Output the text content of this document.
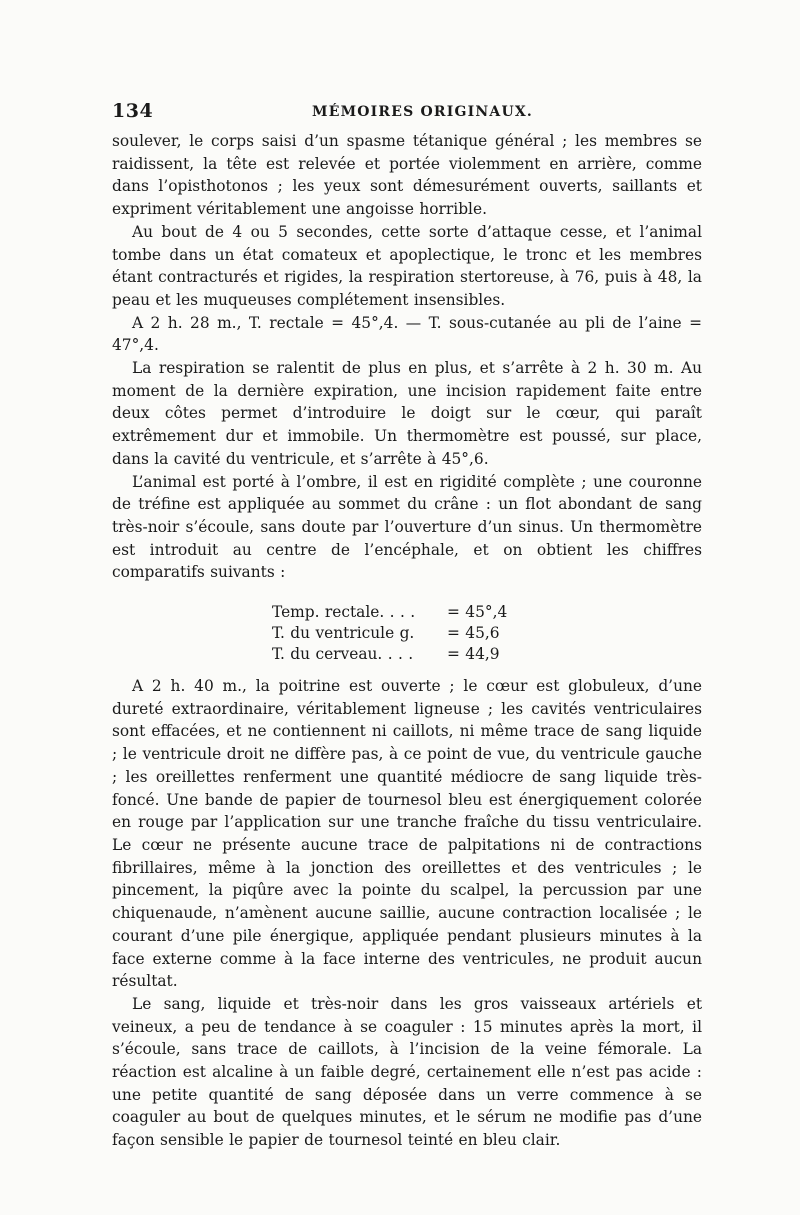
134	MÉMOIRES ORIGINAUX.

soulever, le corps saisi d’un spasme tétanique général ; les membres se raidissent, la tête est relevée et portée violemment en arrière, comme dans l’opisthotonos ; les yeux sont démesurément ouverts, saillants et expriment véritablement une angoisse horrible.

Au bout de 4 ou 5 secondes, cette sorte d’attaque cesse, et l’animal tombe dans un état comateux et apoplectique, le tronc et les membres étant contracturés et rigides, la respiration stertoreuse, à 76, puis à 48, la peau et les muqueuses complétement insensibles.

A 2 h. 28 m., T. rectale = 45°,4. — T. sous-cutanée au pli de l’aine = 47°,4.

La respiration se ralentit de plus en plus, et s’arrête à 2 h. 30 m. Au moment de la dernière expiration, une incision rapidement faite entre deux côtes permet d’introduire le doigt sur le cœur, qui paraît extrêmement dur et immobile. Un thermomètre est poussé, sur place, dans la cavité du ventricule, et s’arrête à 45°,6.

L’animal est porté à l’ombre, il est en rigidité complète ; une couronne de tréfine est appliquée au sommet du crâne : un flot abondant de sang très-noir s’écoule, sans doute par l’ouverture d’un sinus. Un thermomètre est introduit au centre de l’encéphale, et on obtient les chiffres comparatifs suivants :

Temp. rectale. . . .	= 45°,4
T. du ventricule g.	= 45,6
T. du cerveau. . . .	= 44,9

A 2 h. 40 m., la poitrine est ouverte ; le cœur est globuleux, d’une dureté extraordinaire, véritablement ligneuse ; les cavités ventriculaires sont effacées, et ne contiennent ni caillots, ni même trace de sang liquide ; le ventricule droit ne diffère pas, à ce point de vue, du ventricule gauche ; les oreillettes renferment une quantité médiocre de sang liquide très-foncé. Une bande de papier de tournesol bleu est énergiquement colorée en rouge par l’application sur une tranche fraîche du tissu ventriculaire. Le cœur ne présente aucune trace de palpitations ni de contractions fibrillaires, même à la jonction des oreillettes et des ventricules ; le pincement, la piqûre avec la pointe du scalpel, la percussion par une chiquenaude, n’amènent aucune saillie, aucune contraction localisée ; le courant d’une pile énergique, appliquée pendant plusieurs minutes à la face externe comme à la face interne des ventricules, ne produit aucun résultat.

Le sang, liquide et très-noir dans les gros vaisseaux artériels et veineux, a peu de tendance à se coaguler : 15 minutes après la mort, il s’écoule, sans trace de caillots, à l’incision de la veine fémorale. La réaction est alcaline à un faible degré, certainement elle n’est pas acide : une petite quantité de sang déposée dans un verre commence à se coaguler au bout de quelques minutes, et le sérum ne modifie pas d’une façon sensible le papier de tournesol teinté en bleu clair.
